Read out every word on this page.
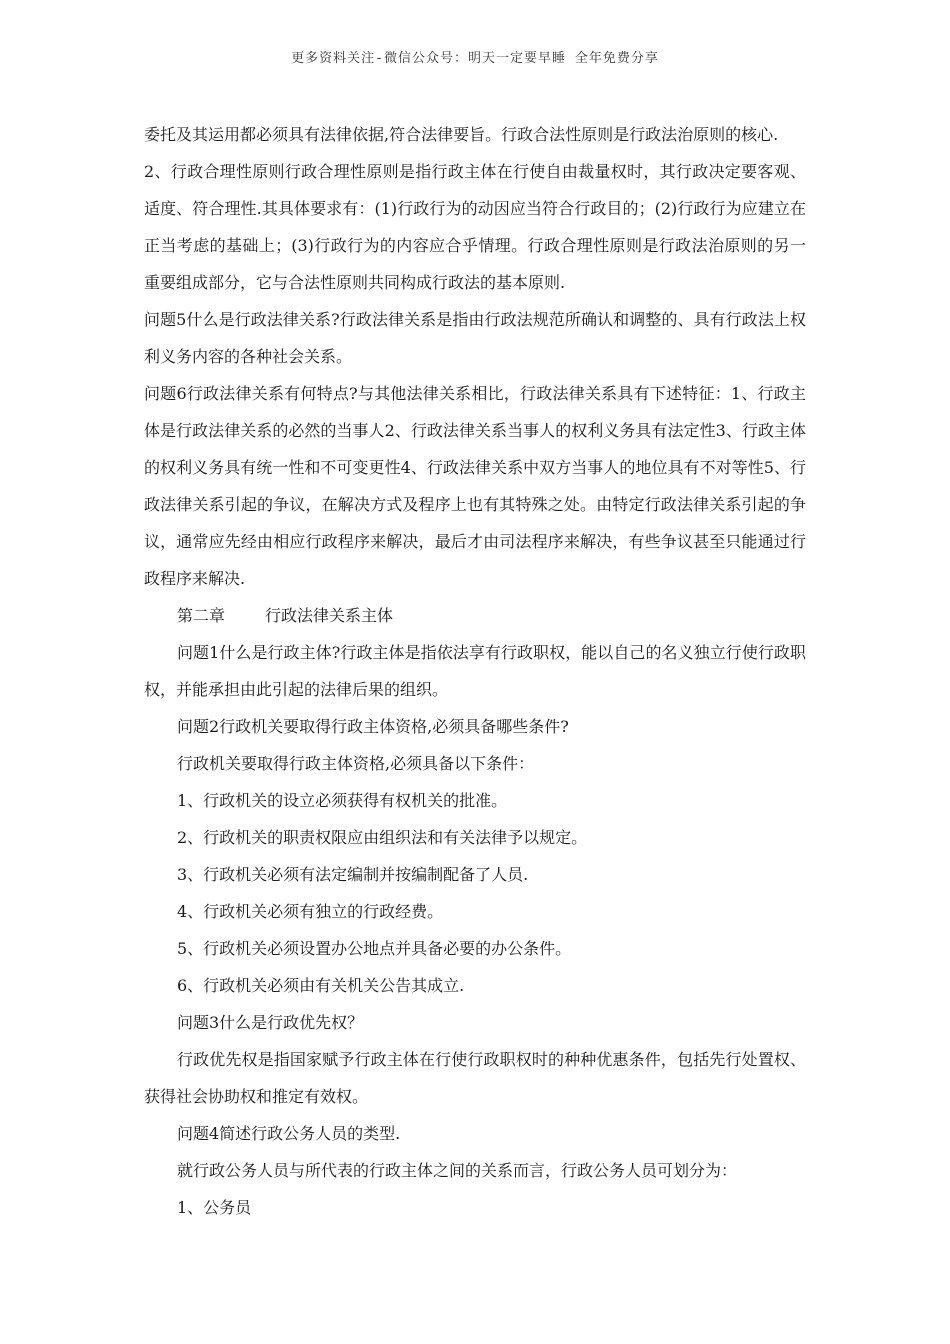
更多资料关注-微信公众号：明天一定要早睡 全年免费分享

委托及其运用都必须具有法律依据,符合法律要旨。行政合法性原则是行政法治原则的核心.

2、行政合理性原则行政合理性原则是指行政主体在行使自由裁量权时，其行政决定要客观、适度、符合理性.其具体要求有：(1)行政行为的动因应当符合行政目的；(2)行政行为应建立在正当考虑的基础上；(3)行政行为的内容应合乎情理。行政合理性原则是行政法治原则的另一重要组成部分，它与合法性原则共同构成行政法的基本原则.

问题5什么是行政法律关系?行政法律关系是指由行政法规范所确认和调整的、具有行政法上权利义务内容的各种社会关系。

问题6行政法律关系有何特点?与其他法律关系相比，行政法律关系具有下述特征：1、行政主体是行政法律关系的必然的当事人2、行政法律关系当事人的权利义务具有法定性3、行政主体的权利义务具有统一性和不可变更性4、行政法律关系中双方当事人的地位具有不对等性5、行政法律关系引起的争议，在解决方式及程序上也有其特殊之处。由特定行政法律关系引起的争议，通常应先经由相应行政程序来解决，最后才由司法程序来解决，有些争议甚至只能通过行政程序来解决.

第二章	行政法律关系主体

问题1什么是行政主体?行政主体是指依法享有行政职权，能以自己的名义独立行使行政职权，并能承担由此引起的法律后果的组织。

问题2行政机关要取得行政主体资格,必须具备哪些条件?

行政机关要取得行政主体资格,必须具备以下条件：

1、行政机关的设立必须获得有权机关的批准。

2、行政机关的职责权限应由组织法和有关法律予以规定。

3、行政机关必须有法定编制并按编制配备了人员.

4、行政机关必须有独立的行政经费。

5、行政机关必须设置办公地点并具备必要的办公条件。

6、行政机关必须由有关机关公告其成立.

问题3什么是行政优先权？

行政优先权是指国家赋予行政主体在行使行政职权时的种种优惠条件，包括先行处置权、获得社会协助权和推定有效权。

问题4简述行政公务人员的类型.

就行政公务人员与所代表的行政主体之间的关系而言，行政公务人员可划分为：

1、公务员
